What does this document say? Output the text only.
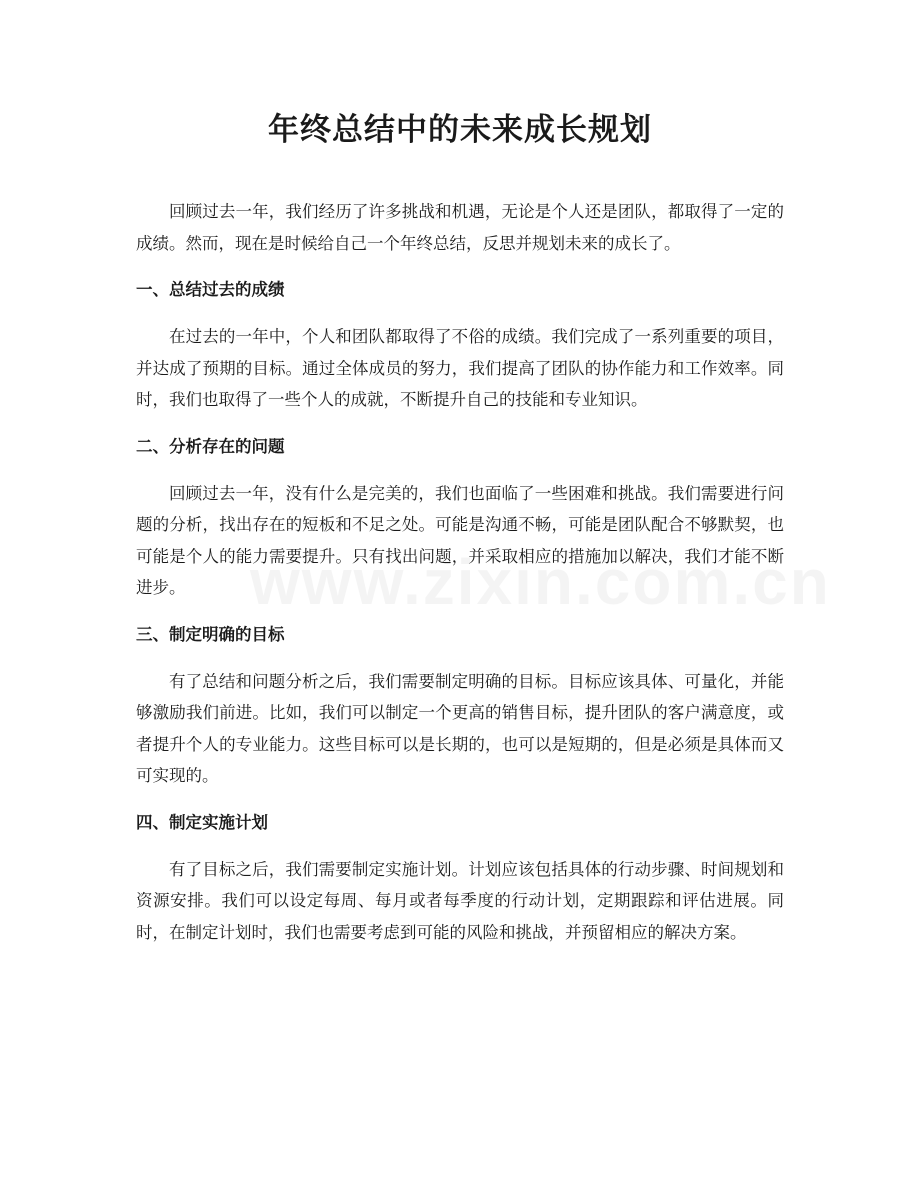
年终总结中的未来成长规划

回顾过去一年，我们经历了许多挑战和机遇，无论是个人还是团队，都取得了一定的成绩。然而，现在是时候给自己一个年终总结，反思并规划未来的成长了。

一、总结过去的成绩

在过去的一年中，个人和团队都取得了不俗的成绩。我们完成了一系列重要的项目，并达成了预期的目标。通过全体成员的努力，我们提高了团队的协作能力和工作效率。同时，我们也取得了一些个人的成就，不断提升自己的技能和专业知识。

二、分析存在的问题

回顾过去一年，没有什么是完美的，我们也面临了一些困难和挑战。我们需要进行问题的分析，找出存在的短板和不足之处。可能是沟通不畅，可能是团队配合不够默契，也可能是个人的能力需要提升。只有找出问题，并采取相应的措施加以解决，我们才能不断进步。

三、制定明确的目标

有了总结和问题分析之后，我们需要制定明确的目标。目标应该具体、可量化，并能够激励我们前进。比如，我们可以制定一个更高的销售目标，提升团队的客户满意度，或者提升个人的专业能力。这些目标可以是长期的，也可以是短期的，但是必须是具体而又可实现的。

四、制定实施计划

有了目标之后，我们需要制定实施计划。计划应该包括具体的行动步骤、时间规划和资源安排。我们可以设定每周、每月或者每季度的行动计划，定期跟踪和评估进展。同时，在制定计划时，我们也需要考虑到可能的风险和挑战，并预留相应的解决方案。
